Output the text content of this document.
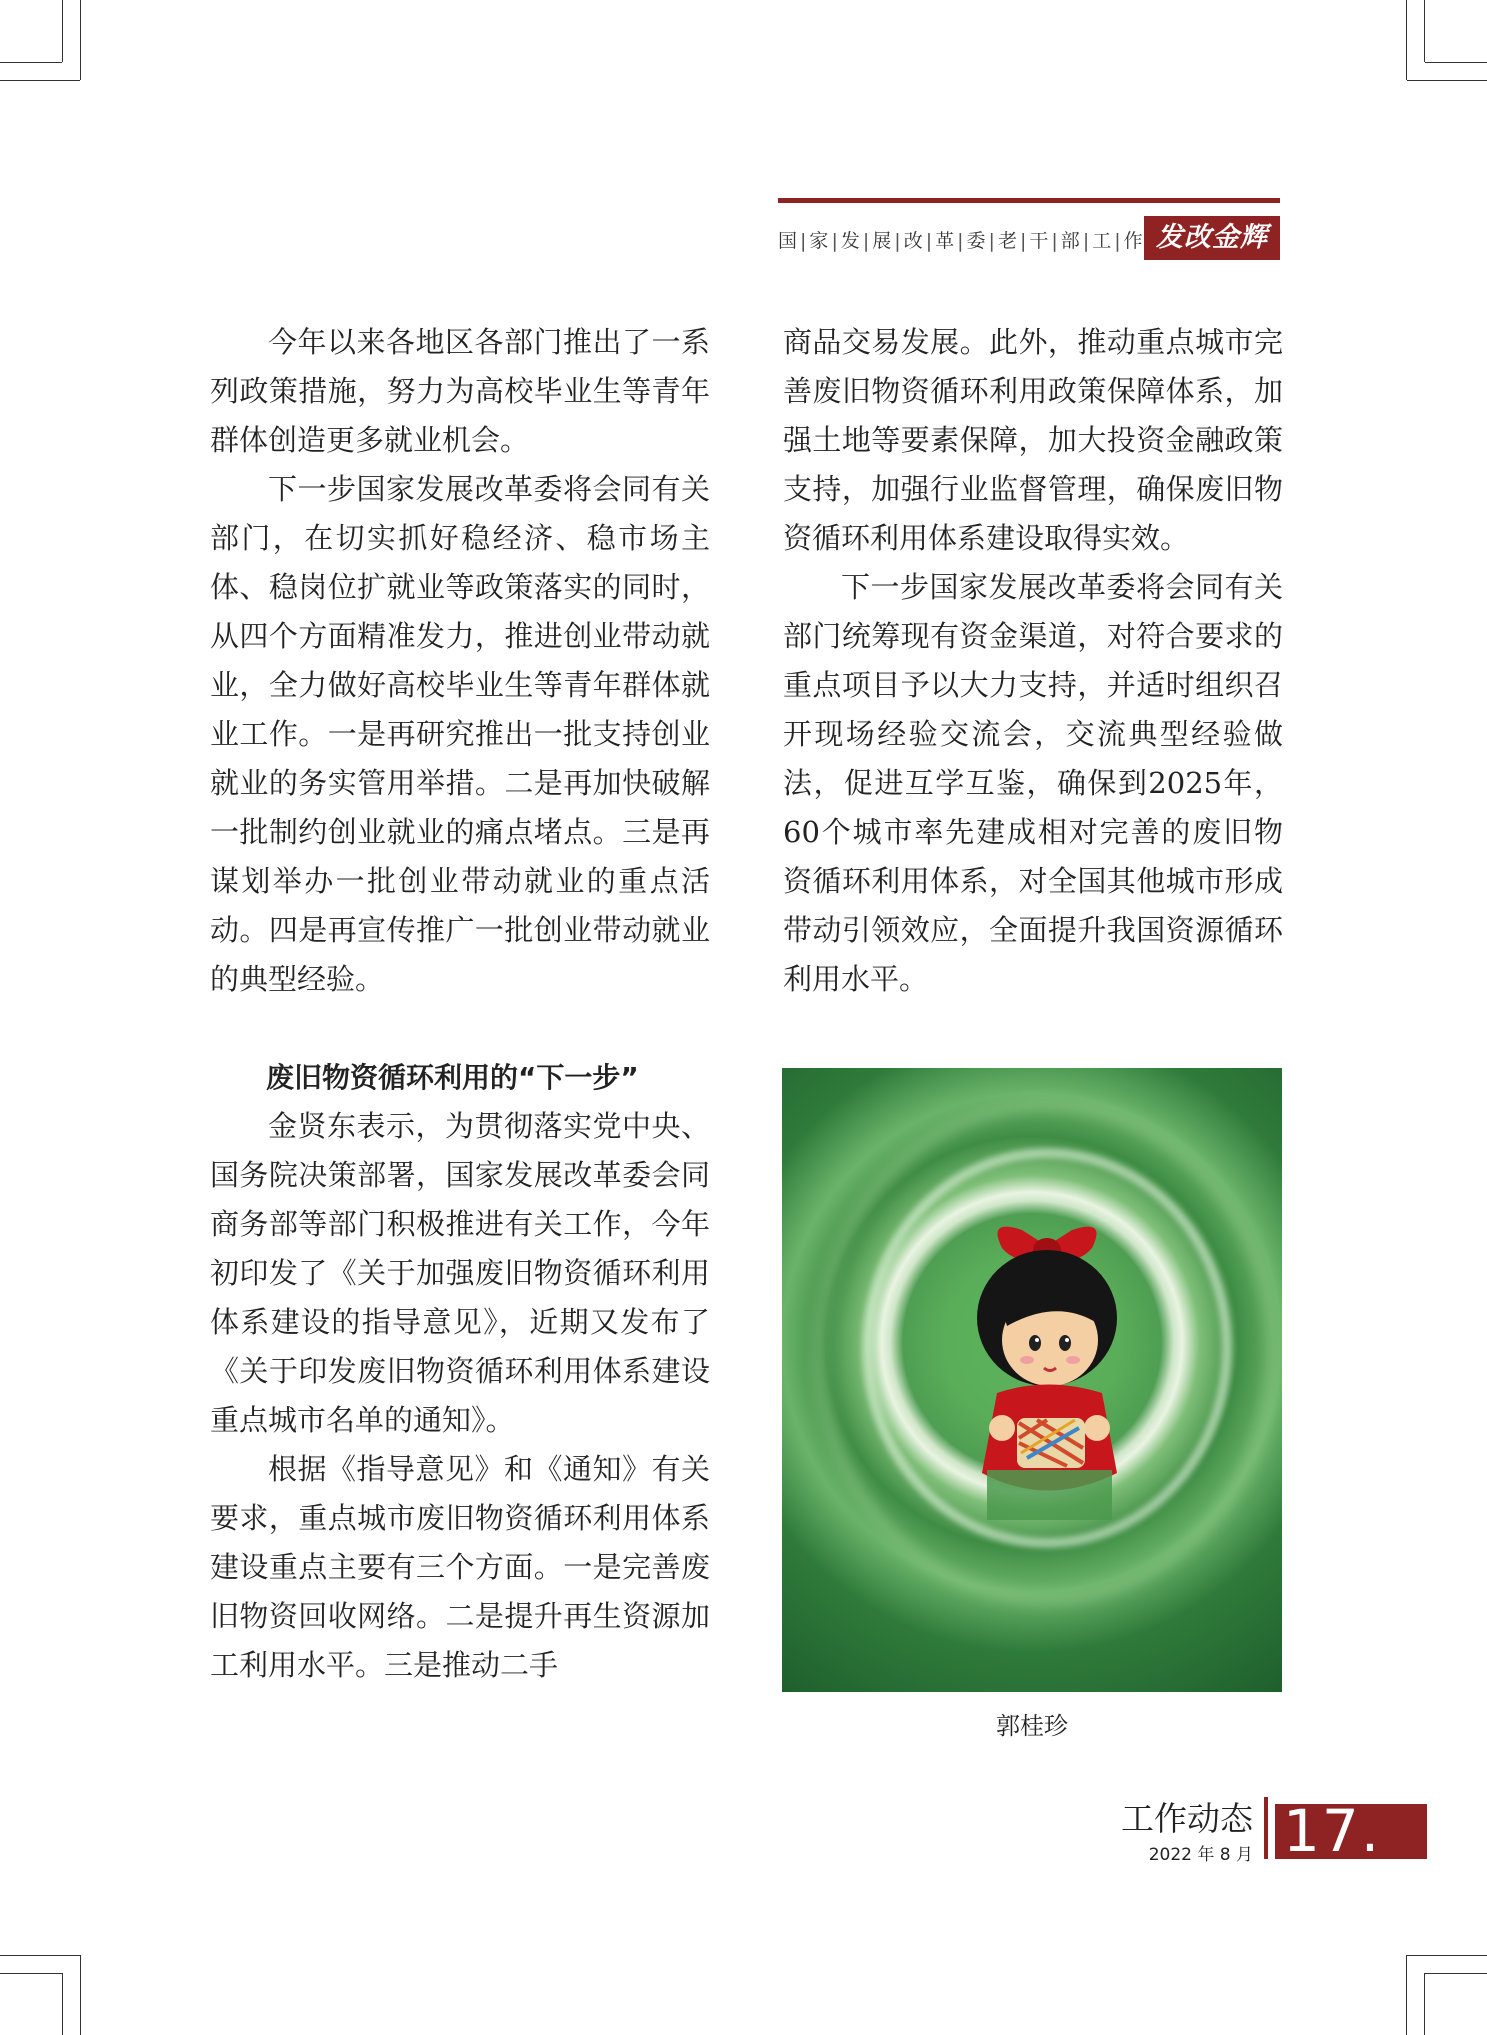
国 | 家 | 发 | 展 | 改 | 革 | 委 | 老 | 干 | 部 | 工 | 作 发改金辉

今年以来各地区各部门推出了一系列政策措施，努力为高校毕业生等青年群体创造更多就业机会。

下一步国家发展改革委将会同有关部门，在切实抓好稳经济、稳市场主体、稳岗位扩就业等政策落实的同时，从四个方面精准发力，推进创业带动就业，全力做好高校毕业生等青年群体就业工作。一是再研究推出一批支持创业就业的务实管用举措。二是再加快破解一批制约创业就业的痛点堵点。三是再谋划举办一批创业带动就业的重点活动。四是再宣传推广一批创业带动就业的典型经验。

废旧物资循环利用的“下一步”

金贤东表示，为贯彻落实党中央、国务院决策部署，国家发展改革委会同商务部等部门积极推进有关工作，今年初印发了《关于加强废旧物资循环利用体系建设的指导意见》，近期又发布了《关于印发废旧物资循环利用体系建设重点城市名单的通知》。

根据《指导意见》和《通知》有关要求，重点城市废旧物资循环利用体系建设重点主要有三个方面。一是完善废旧物资回收网络。二是提升再生资源加工利用水平。三是推动二手

商品交易发展。此外，推动重点城市完善废旧物资循环利用政策保障体系，加强土地等要素保障，加大投资金融政策支持，加强行业监督管理，确保废旧物资循环利用体系建设取得实效。

下一步国家发展改革委将会同有关部门统筹现有资金渠道，对符合要求的重点项目予以大力支持，并适时组织召开现场经验交流会，交流典型经验做法，促进互学互鉴，确保到2025年，60个城市率先建成相对完善的废旧物资循环利用体系，对全国其他城市形成带动引领效应，全面提升我国资源循环利用水平。

郭桂珍
工作动态
2022 年 8 月 17.
